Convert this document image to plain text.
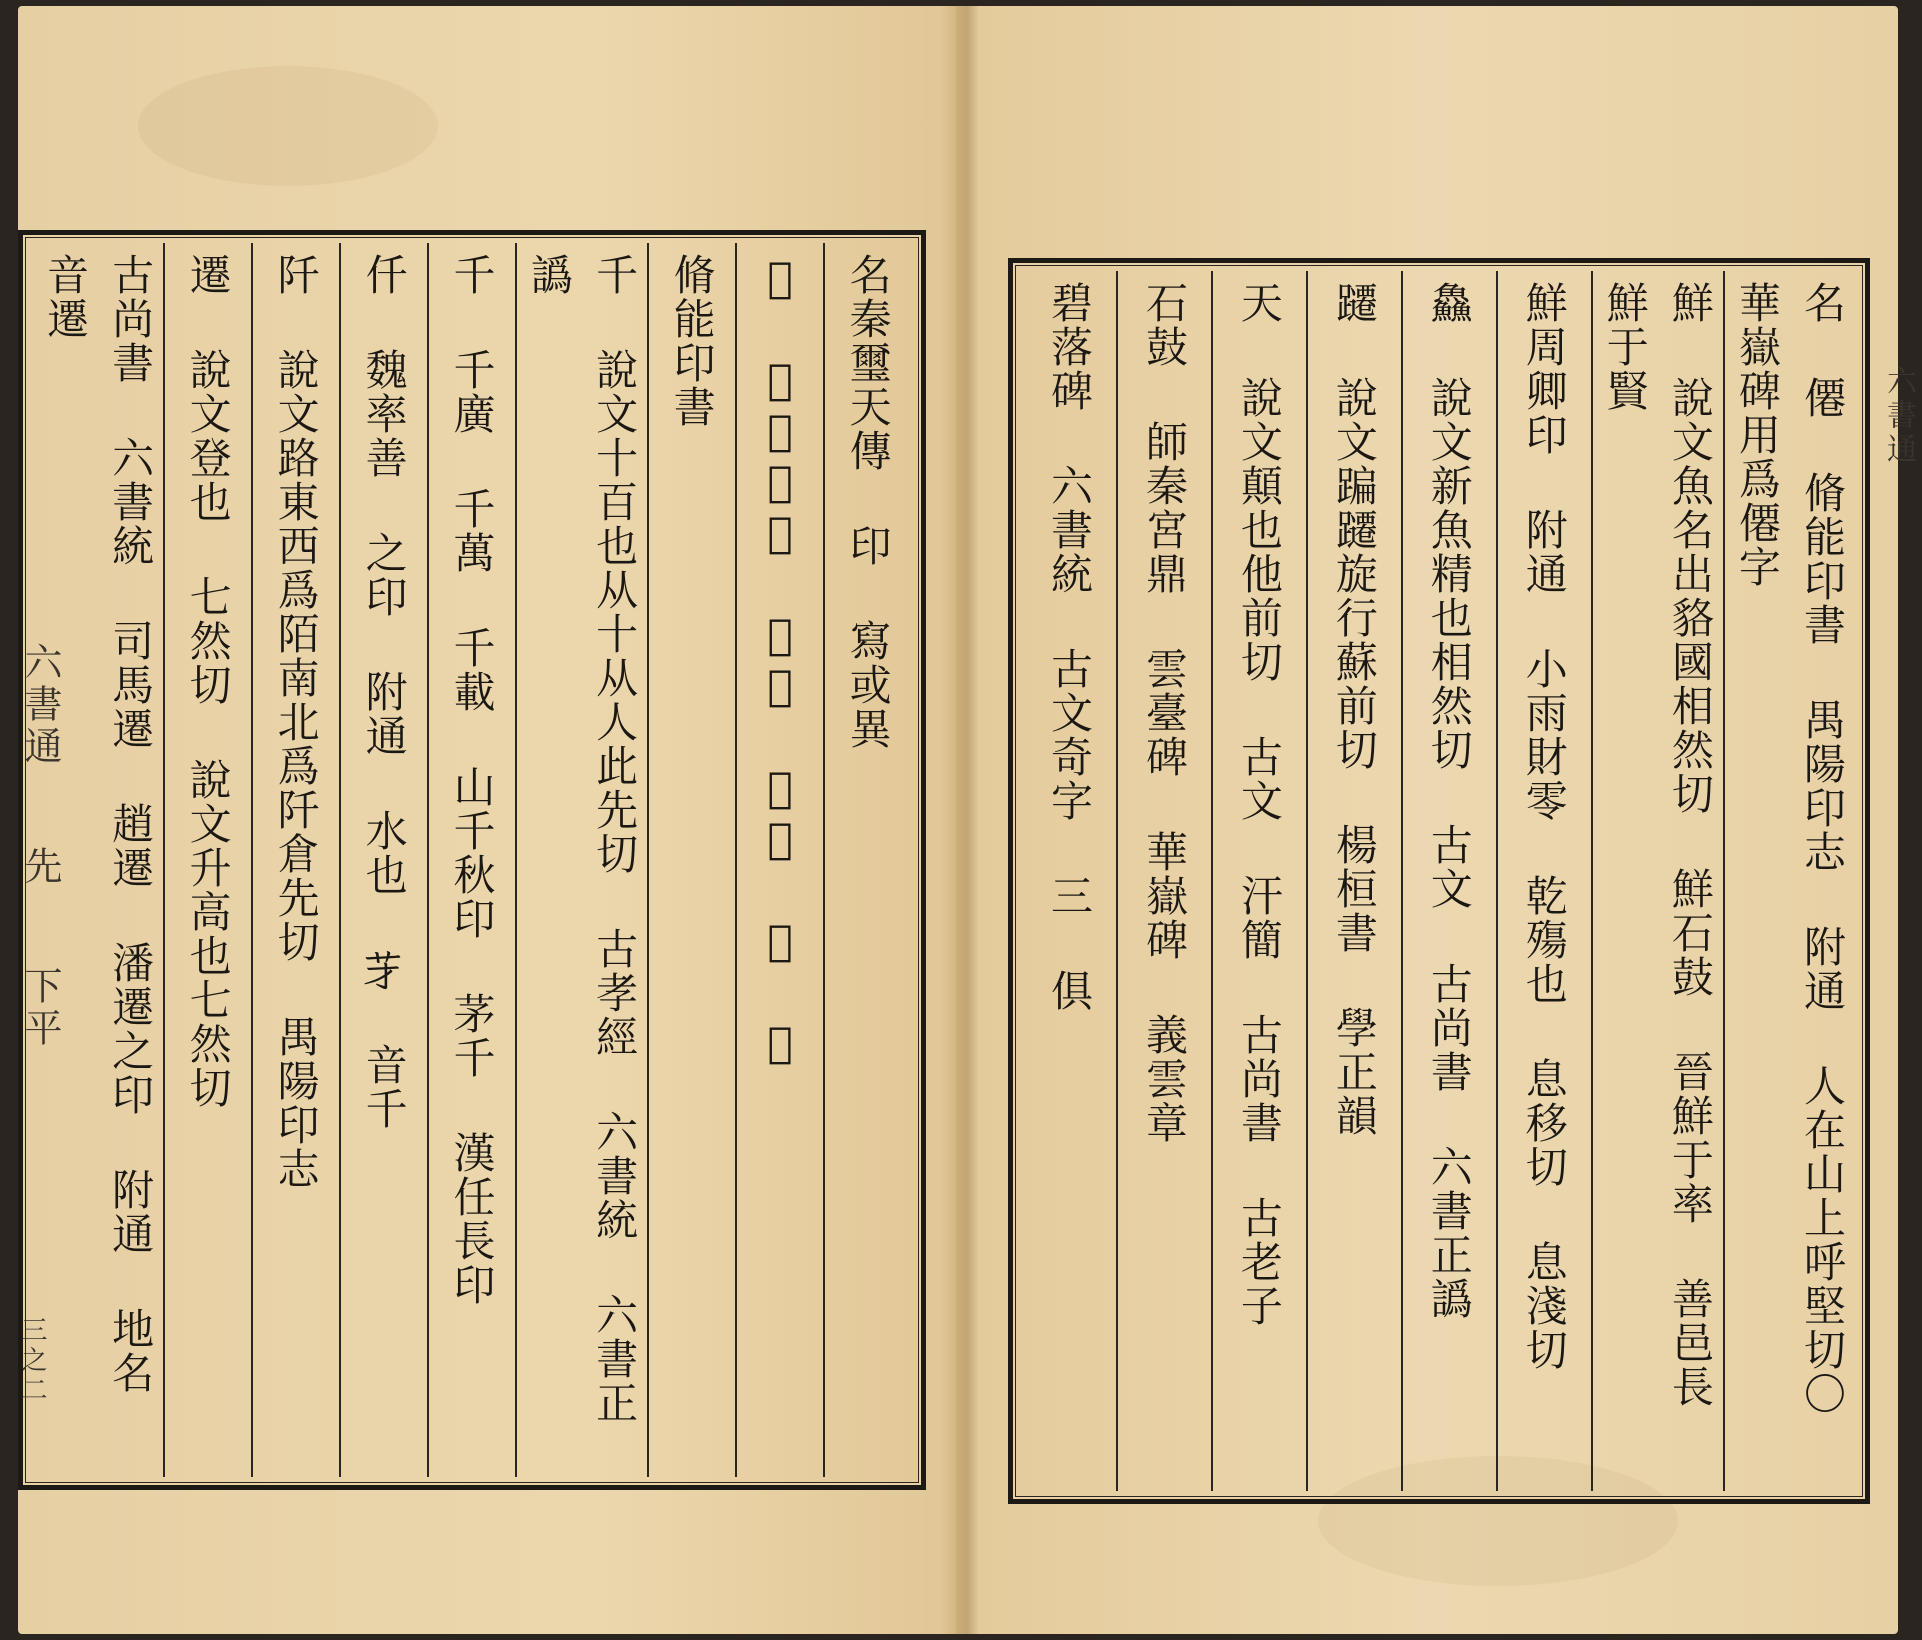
名秦璽天傳 印 寫或異
𠀆 天祿永昌 使者 中印 天 樂
脩能印書
千 說文十百也从十从人此先切 古孝經 六書統 六書正譌
千 千廣 千萬 千載 山千秋印 茅千 漢任長印
仟 魏率善 之印 附通 水也 𦬁 音千
阡 說文路東西爲陌南北爲阡倉先切 禺陽印志
遷 說文登也 七然切 說文升高也七然切
古尚書 六書統 司馬遷 趙遷 潘遷之印 附通 地名 音遷
六書通 先 下平
三之二	名 僊 脩能印書 禺陽印志 附通 人在山上呼堅切〇 華嶽碑用爲僊字
鮮 說文魚名出貉國相然切 鮮石鼓 晉鮮于率 善邑長 鮮于賢
鮮周卿印 附通 小雨財零 乾殤也 息移切 息淺切
鱻 說文新魚精也相然切 古文 古尚書 六書正譌
躚 說文蹁躚旋行蘇前切 楊桓書 學正韻
天 說文顛也他前切 古文 汗簡 古尚書 古老子
石鼓 師秦宮鼎 雲臺碑 華嶽碑 義雲章
碧落碑 六書統 古文奇字 三 俱	六書通
